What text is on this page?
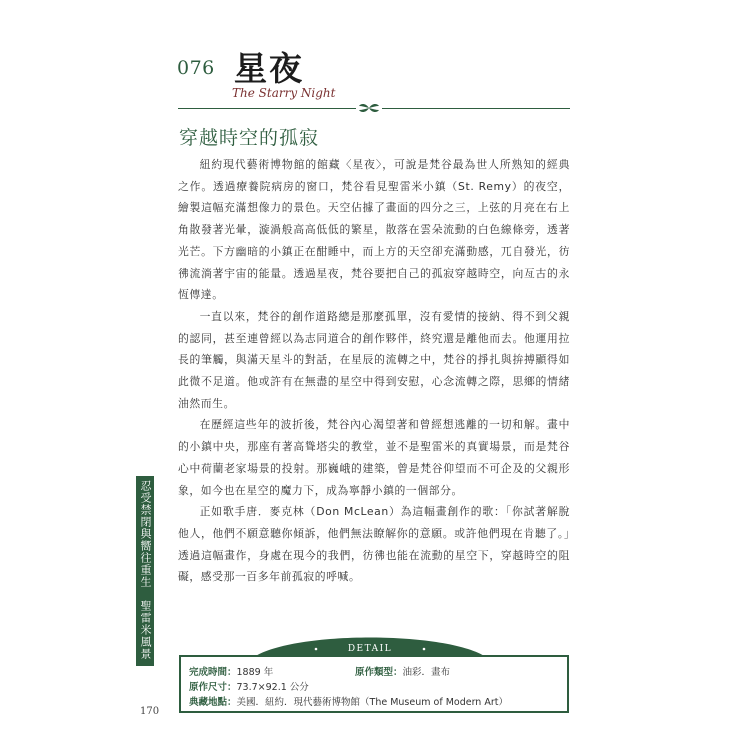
076 星夜
The Starry Night
穿越時空的孤寂

紐約現代藝術博物館的館藏〈星夜〉，可說是梵谷最為世人所熟知的經典之作。透過療養院病房的窗口，梵谷看見聖雷米小鎮（St. Remy）的夜空，繪製這幅充滿想像力的景色。天空佔據了畫面的四分之三，上弦的月亮在右上角散發著光暈，漩渦般高高低低的繁星，散落在雲朵流動的白色線條旁，透著光芒。下方幽暗的小鎮正在酣睡中，而上方的天空卻充滿動感，兀自發光，彷彿流淌著宇宙的能量。透過星夜，梵谷要把自己的孤寂穿越時空，向亙古的永恆傳達。

一直以來，梵谷的創作道路總是那麼孤單，沒有愛情的接納、得不到父親的認同，甚至連曾經以為志同道合的創作夥伴，終究還是離他而去。他運用拉長的筆觸，與滿天星斗的對話，在星辰的流轉之中，梵谷的掙扎與拚搏顯得如此微不足道。他或許有在無盡的星空中得到安慰，心念流轉之際，思鄉的情緒油然而生。

在歷經這些年的波折後，梵谷內心渴望著和曾經想逃離的一切和解。畫中的小鎮中央，那座有著高聳塔尖的教堂，並不是聖雷米的真實場景，而是梵谷心中荷蘭老家場景的投射。那巍峨的建築，曾是梵谷仰望而不可企及的父親形象，如今也在星空的魔力下，成為寧靜小鎮的一個部分。

正如歌手唐．麥克林（Don McLean）為這幅畫創作的歌：「你試著解脫他人，他們不願意聽你傾訴，他們無法瞭解你的意願。或許他們現在肯聽了。」透過這幅畫作，身處在現今的我們，彷彿也能在流動的星空下，穿越時空的阻礙，感受那一百多年前孤寂的呼喊。

忍受禁閉與嚮往重生
聖雷米風景
170
DETAIL
完成時間：1889 年	原作類型：油彩．畫布
原作尺寸：73.7×92.1 公分
典藏地點：美國．紐約．現代藝術博物館（The Museum of Modern Art）
